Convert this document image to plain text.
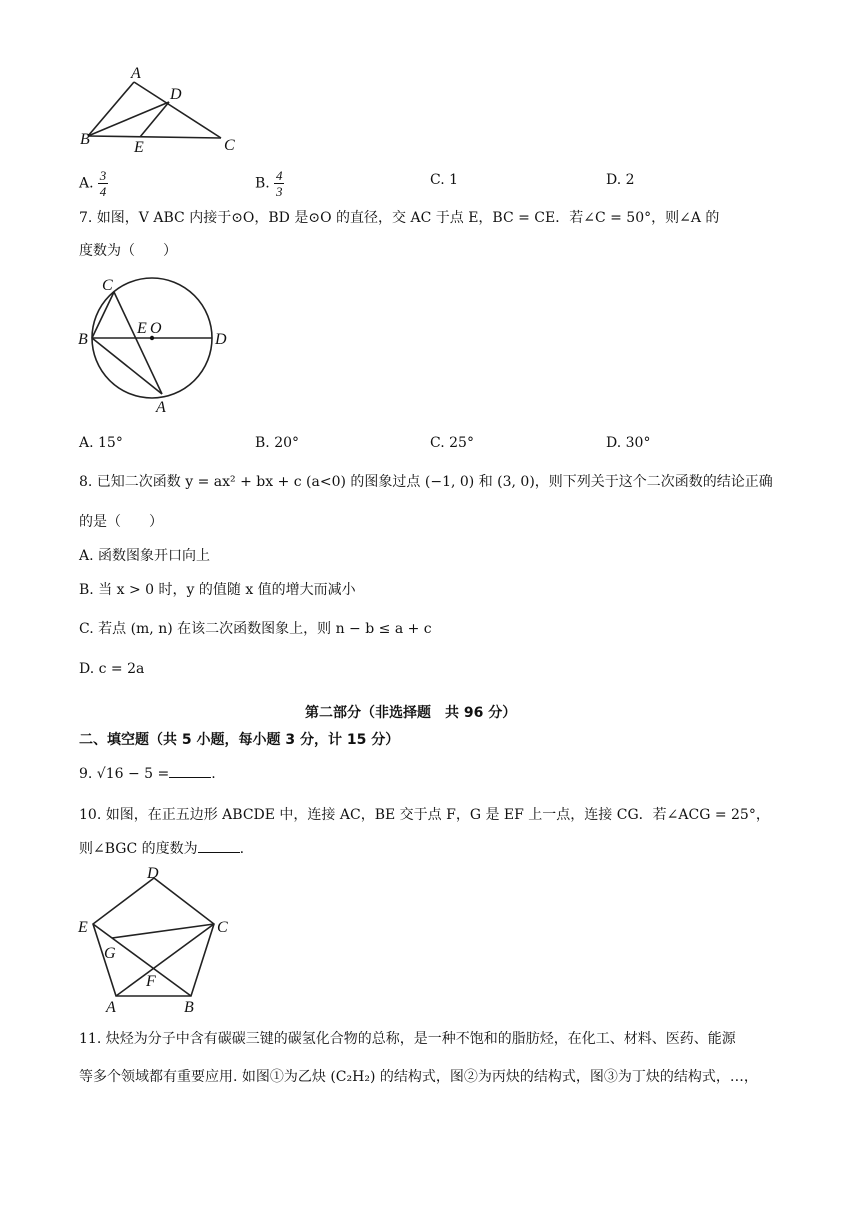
A
D
B	E	C
A. $\frac{3}{4}$	B. $\frac{4}{3}$	C. 1	D. 2
7. 如图，V ABC 内接于⊙O，BD 是⊙O 的直径，交 AC 于点 E，BC = CE．若∠C = 50°，则∠A 的
度数为（　　）
C
B
E O
D
A
A. 15°	B. 20°	C. 25°	D. 30°
8. 已知二次函数 y = ax² + bx + c (a<0) 的图象过点 (−1, 0) 和 (3, 0)，则下列关于这个二次函数的结论正确
的是（　　）
A. 函数图象开口向上
B. 当 x > 0 时，y 的值随 x 值的增大而减小
C. 若点 (m, n) 在该二次函数图象上，则 n − b ≤ a + c
D. c = 2a
第二部分（非选择题　共 96 分）
二、填空题（共 5 小题，每小题 3 分，计 15 分）
9. √16 − 5 =	.
10. 如图，在正五边形 ABCDE 中，连接 AC，BE 交于点 F，G 是 EF 上一点，连接 CG．若∠ACG = 25°，
则∠BGC 的度数为	.
D
E	C
G
F
A	B
11. 炔烃为分子中含有碳碳三键的碳氢化合物的总称，是一种不饱和的脂肪烃，在化工、材料、医药、能源
等多个领域都有重要应用. 如图①为乙炔 (C₂H₂) 的结构式，图②为丙炔的结构式，图③为丁炔的结构式，…，
